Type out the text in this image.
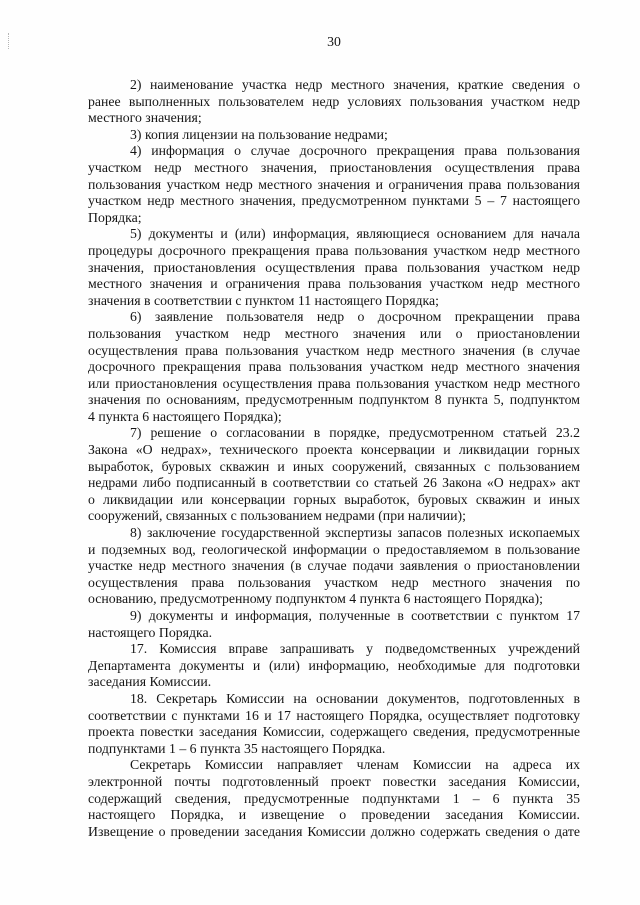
30
2) наименование участка недр местного значения, краткие сведения о
ранее выполненных пользователем недр условиях пользования участком недр
местного значения;
3) копия лицензии на пользование недрами;
4) информация о случае досрочного прекращения права пользования
участком недр местного значения, приостановления осуществления права
пользования участком недр местного значения и ограничения права пользования
участком недр местного значения, предусмотренном пунктами 5 – 7 настоящего
Порядка;
5) документы и (или) информация, являющиеся основанием для начала
процедуры досрочного прекращения права пользования участком недр местного
значения, приостановления осуществления права пользования участком недр
местного значения и ограничения права пользования участком недр местного
значения в соответствии с пунктом 11 настоящего Порядка;
6) заявление пользователя недр о досрочном прекращении права
пользования участком недр местного значения или о приостановлении
осуществления права пользования участком недр местного значения (в случае
досрочного прекращения права пользования участком недр местного значения
или приостановления осуществления права пользования участком недр местного
значения по основаниям, предусмотренным подпунктом 8 пункта 5, подпунктом
4 пункта 6 настоящего Порядка);
7) решение о согласовании в порядке, предусмотренном статьей 23.2
Закона «О недрах», технического проекта консервации и ликвидации горных
выработок, буровых скважин и иных сооружений, связанных с пользованием
недрами либо подписанный в соответствии со статьей 26 Закона «О недрах» акт
о ликвидации или консервации горных выработок, буровых скважин и иных
сооружений, связанных с пользованием недрами (при наличии);
8) заключение государственной экспертизы запасов полезных ископаемых
и подземных вод, геологической информации о предоставляемом в пользование
участке недр местного значения (в случае подачи заявления о приостановлении
осуществления права пользования участком недр местного значения по
основанию, предусмотренному подпунктом 4 пункта 6 настоящего Порядка);
9) документы и информация, полученные в соответствии с пунктом 17
настоящего Порядка.
17. Комиссия вправе запрашивать у подведомственных учреждений
Департамента документы и (или) информацию, необходимые для подготовки
заседания Комиссии.
18. Секретарь Комиссии на основании документов, подготовленных в
соответствии с пунктами 16 и 17 настоящего Порядка, осуществляет подготовку
проекта повестки заседания Комиссии, содержащего сведения, предусмотренные
подпунктами 1 – 6 пункта 35 настоящего Порядка.
Секретарь Комиссии направляет членам Комиссии на адреса их
электронной почты подготовленный проект повестки заседания Комиссии,
содержащий сведения, предусмотренные подпунктами 1 – 6 пункта 35
настоящего Порядка, и извещение о проведении заседания Комиссии.
Извещение о проведении заседания Комиссии должно содержать сведения о дате
